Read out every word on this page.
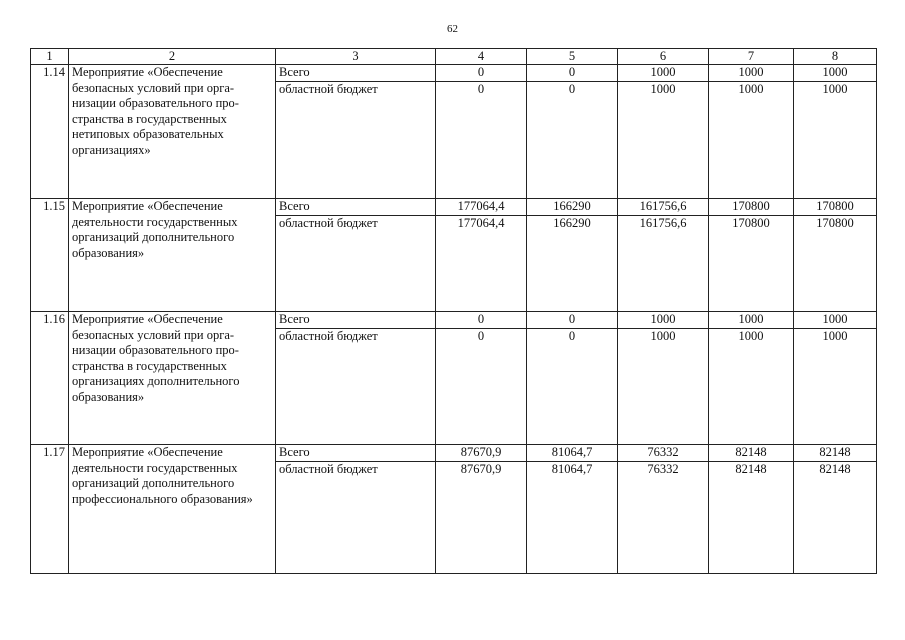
62
1	2	3	4	5	6	7	8
1.14	Мероприятие «Обеспечение безопасных условий при орга-низации образовательного про-странства в государственных нетиповых образовательных организациях»	Всего	0	0	1000	1000	1000
		областной бюджет	0	0	1000	1000	1000
1.15	Мероприятие «Обеспечение деятельности государственных организаций дополнительного образования»	Всего	177064,4	166290	161756,6	170800	170800
		областной бюджет	177064,4	166290	161756,6	170800	170800
1.16	Мероприятие «Обеспечение безопасных условий при орга-низации образовательного про-странства в государственных организациях дополнительного образования»	Всего	0	0	1000	1000	1000
		областной бюджет	0	0	1000	1000	1000
1.17	Мероприятие «Обеспечение деятельности государственных организаций дополнительного профессионального образования»	Всего	87670,9	81064,7	76332	82148	82148
		областной бюджет	87670,9	81064,7	76332	82148	82148
